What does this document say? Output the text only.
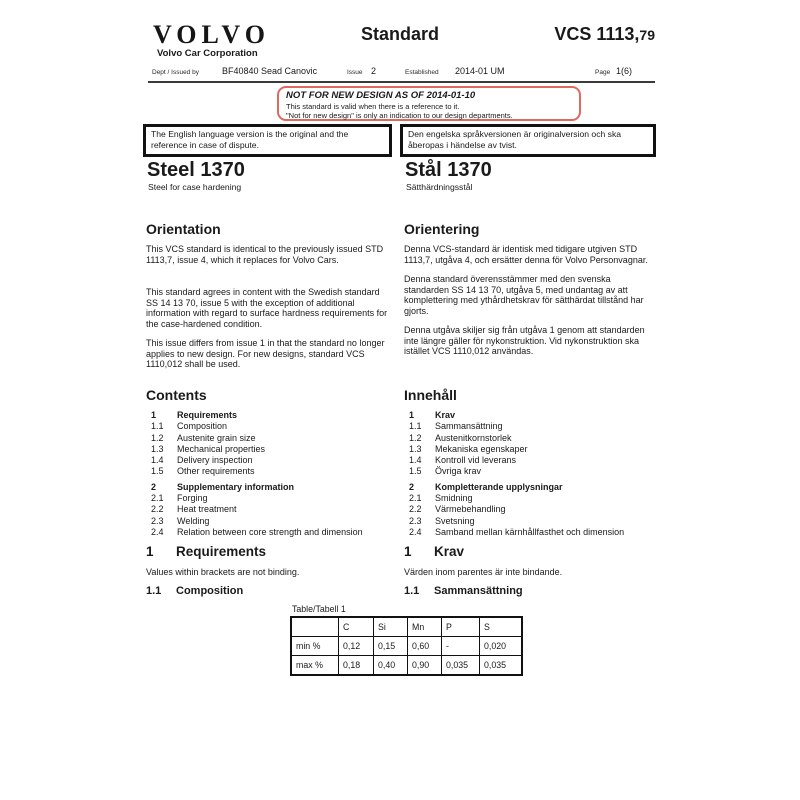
VOLVO
Volvo Car Corporation
Standard	VCS 1113,79
Dept / Issued by	BF40840 Sead Canovic	Issue 2	Established 2014-01 UM	Page 1(6)
NOT FOR NEW DESIGN AS OF 2014-01-10
This standard is valid when there is a reference to it.
"Not for new design" is only an indication to our design departments.
The English language version is the original and the reference in case of dispute.
Den engelska språkversionen är originalversion och ska åberopas i händelse av tvist.
Steel 1370
Steel for case hardening
Stål 1370
Sätthärdningsstål
Orientation

This VCS standard is identical to the previously issued STD 1113,7, issue 4, which it replaces for Volvo Cars.

This standard agrees in content with the Swedish standard SS 14 13 70, issue 5 with the exception of additional information with regard to surface hardness requirements for the case-hardened condition.

This issue differs from issue 1 in that the standard no longer applies to new design. For new designs, standard VCS 1110,012 shall be used.

Orientering

Denna VCS-standard är identisk med tidigare utgiven STD 1113,7, utgåva 4, och ersätter denna för Volvo Personvagnar.

Denna standard överensstämmer med den svenska standarden SS 14 13 70, utgåva 5, med undantag av att komplettering med ythårdhetskrav för sätthärdat tillstånd har gjorts.

Denna utgåva skiljer sig från utgåva 1 genom att standarden inte längre gäller för nykonstruktion. Vid nykonstruktion ska istället VCS 1110,012 användas.

Contents
1	Requirements
1.1	Composition
1.2	Austenite grain size
1.3	Mechanical properties
1.4	Delivery inspection
1.5	Other requirements
2	Supplementary information
2.1	Forging
2.2	Heat treatment
2.3	Welding
2.4	Relation between core strength and dimension
Innehåll
1	Krav
1.1	Sammansättning
1.2	Austenitkornstorlek
1.3	Mekaniska egenskaper
1.4	Kontroll vid leverans
1.5	Övriga krav
2	Kompletterande upplysningar
2.1	Smidning
2.2	Värmebehandling
2.3	Svetsning
2.4	Samband mellan kärnhållfasthet och dimension
1	Requirements
Values within brackets are not binding.
1	Krav
Värden inom parentes är inte bindande.
1.1	Composition	1.1	Sammansättning
Table/Tabell 1
	C	Si	Mn	P	S
min %	0,12	0,15	0,60	-	0,020
max %	0,18	0,40	0,90	0,035	0,035
